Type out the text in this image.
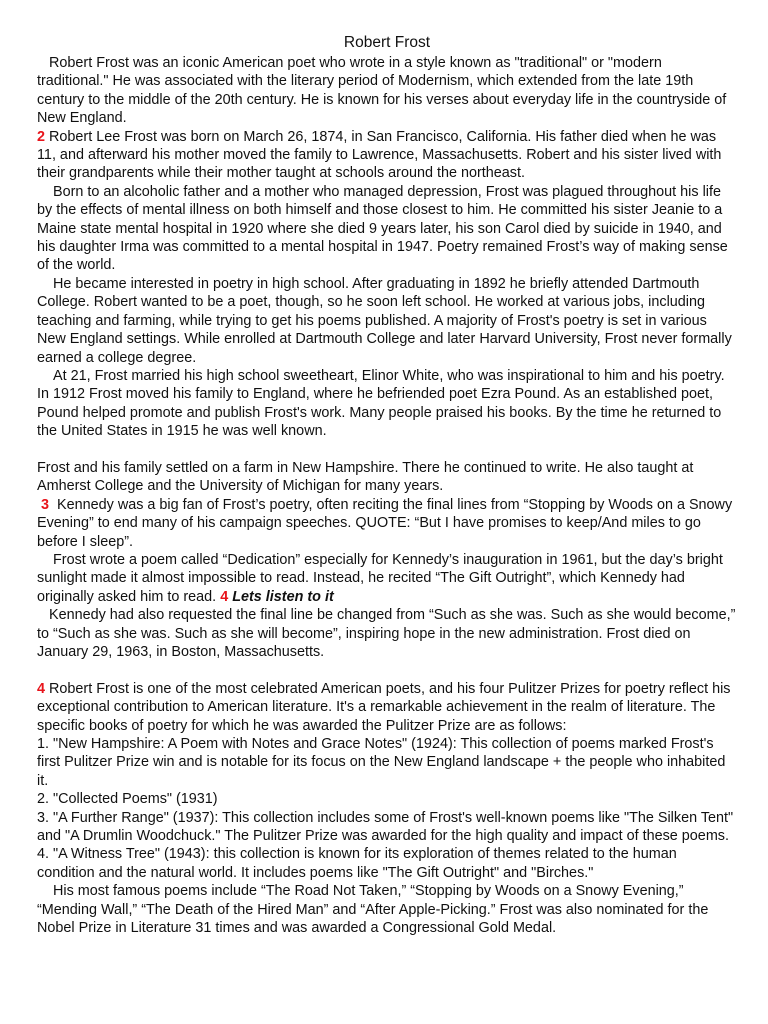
Robert Frost

Robert Frost was an iconic American poet who wrote in a style known as "traditional" or "modern traditional." He was associated with the literary period of Modernism, which extended from the late 19th century to the middle of the 20th century. He is known for his verses about everyday life in the countryside of New England.

2 Robert Lee Frost was born on March 26, 1874, in San Francisco, California. His father died when he was 11, and afterward his mother moved the family to Lawrence, Massachusetts. Robert and his sister lived with their grandparents while their mother taught at schools around the northeast.

Born to an alcoholic father and a mother who managed depression, Frost was plagued throughout his life by the effects of mental illness on both himself and those closest to him. He committed his sister Jeanie to a Maine state mental hospital in 1920 where she died 9 years later, his son Carol died by suicide in 1940, and his daughter Irma was committed to a mental hospital in 1947. Poetry remained Frost’s way of making sense of the world.

He became interested in poetry in high school. After graduating in 1892 he briefly attended Dartmouth College. Robert wanted to be a poet, though, so he soon left school. He worked at various jobs, including teaching and farming, while trying to get his poems published. A majority of Frost's poetry is set in various New England settings. While enrolled at Dartmouth College and later Harvard University, Frost never formally earned a college degree.

At 21, Frost married his high school sweetheart, Elinor White, who was inspirational to him and his poetry. In 1912 Frost moved his family to England, where he befriended poet Ezra Pound. As an established poet, Pound helped promote and publish Frost's work. Many people praised his books. By the time he returned to the United States in 1915 he was well known.

Frost and his family settled on a farm in New Hampshire. There he continued to write. He also taught at Amherst College and the University of Michigan for many years.

3 Kennedy was a big fan of Frost’s poetry, often reciting the final lines from “Stopping by Woods on a Snowy Evening” to end many of his campaign speeches. QUOTE: “But I have promises to keep/And miles to go before I sleep”.

Frost wrote a poem called “Dedication” especially for Kennedy’s inauguration in 1961, but the day’s bright sunlight made it almost impossible to read. Instead, he recited “The Gift Outright”, which Kennedy had originally asked him to read. 4 Lets listen to it

Kennedy had also requested the final line be changed from “Such as she was. Such as she would become,” to “Such as she was. Such as she will become”, inspiring hope in the new administration. Frost died on January 29, 1963, in Boston, Massachusetts.

4 Robert Frost is one of the most celebrated American poets, and his four Pulitzer Prizes for poetry reflect his exceptional contribution to American literature. It's a remarkable achievement in the realm of literature. The specific books of poetry for which he was awarded the Pulitzer Prize are as follows:

1. "New Hampshire: A Poem with Notes and Grace Notes" (1924): This collection of poems marked Frost's first Pulitzer Prize win and is notable for its focus on the New England landscape + the people who inhabited it.

2. "Collected Poems" (1931)

3. "A Further Range" (1937): This collection includes some of Frost's well-known poems like "The Silken Tent" and "A Drumlin Woodchuck." The Pulitzer Prize was awarded for the high quality and impact of these poems.

4. "A Witness Tree" (1943): this collection is known for its exploration of themes related to the human condition and the natural world. It includes poems like "The Gift Outright" and "Birches."

His most famous poems include “The Road Not Taken,” “Stopping by Woods on a Snowy Evening,” “Mending Wall,” “The Death of the Hired Man” and “After Apple-Picking.” Frost was also nominated for the Nobel Prize in Literature 31 times and was awarded a Congressional Gold Medal.
